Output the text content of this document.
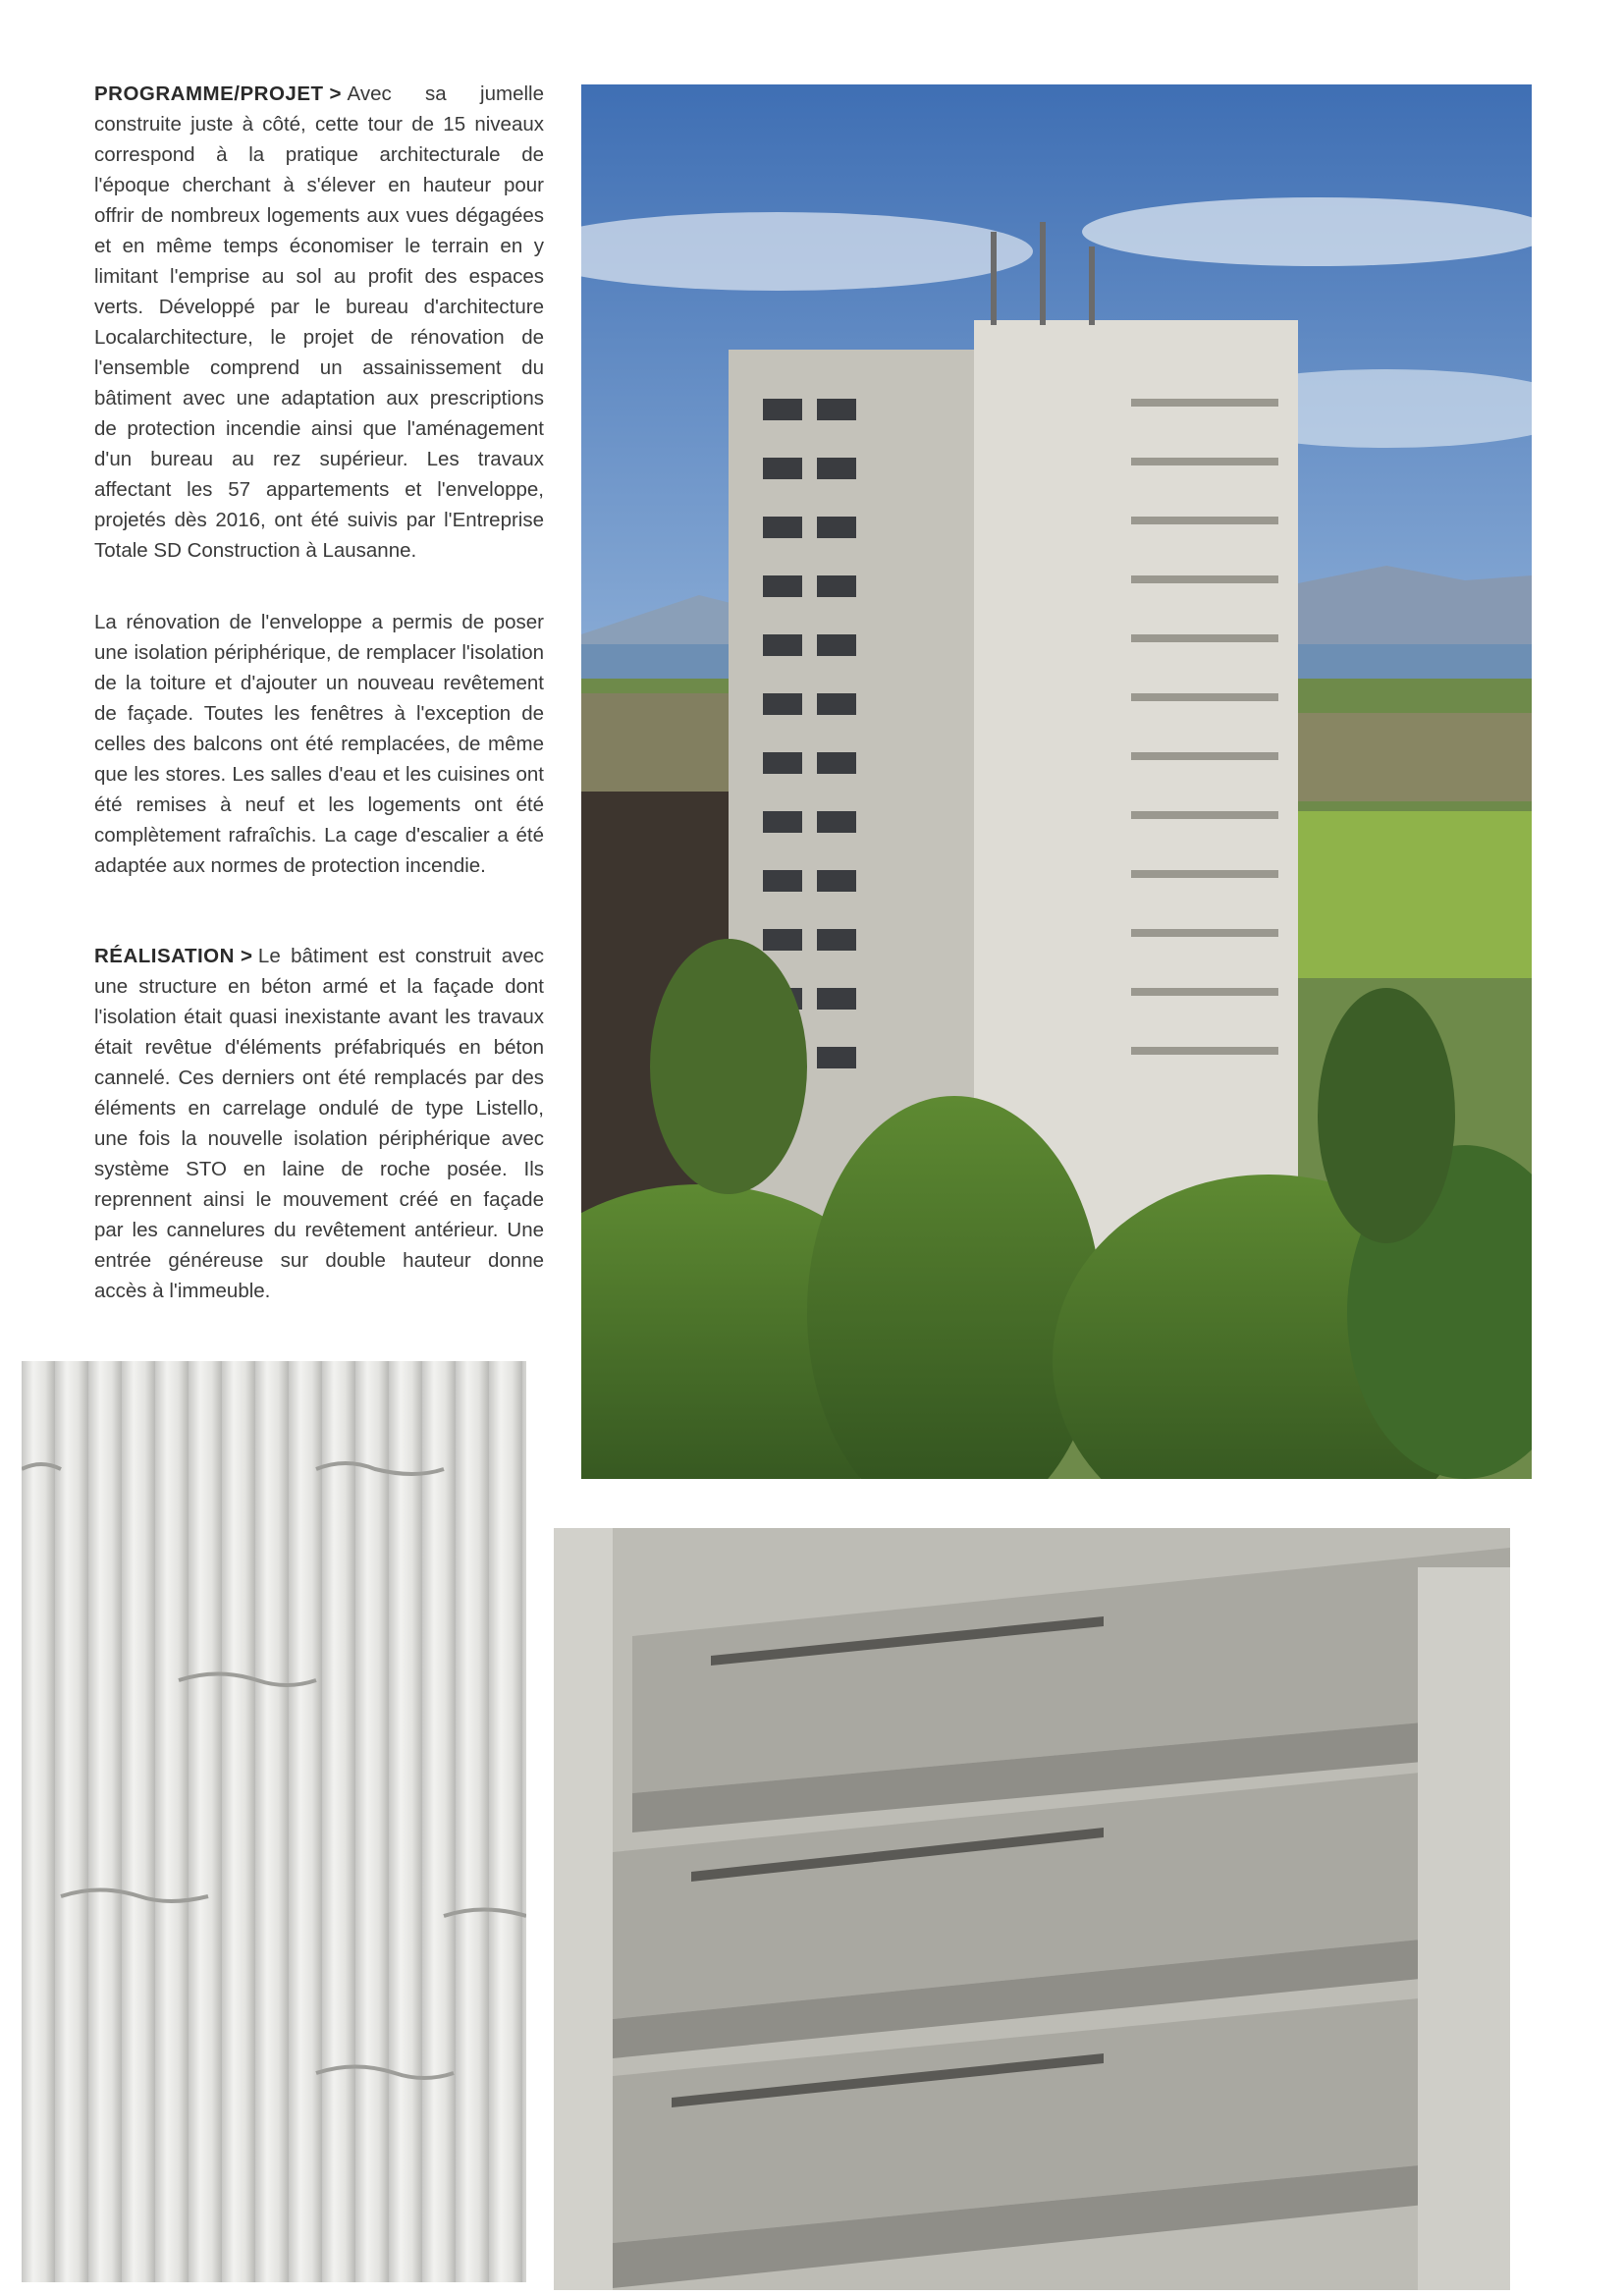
PROGRAMME/PROJET > Avec sa jumelle construite juste à côté, cette tour de 15 niveaux correspond à la pratique architecturale de l'époque cherchant à s'élever en hauteur pour offrir de nombreux logements aux vues dégagées et en même temps économiser le terrain en y limitant l'emprise au sol au profit des espaces verts. Développé par le bureau d'architecture Localarchitecture, le projet de rénovation de l'ensemble comprend un assainissement du bâtiment avec une adaptation aux prescriptions de protection incendie ainsi que l'aménagement d'un bureau au rez supérieur. Les travaux affectant les 57 appartements et l'enveloppe, projetés dès 2016, ont été suivis par l'Entreprise Totale SD Construction à Lausanne.

La rénovation de l'enveloppe a permis de poser une isolation périphérique, de remplacer l'isolation de la toiture et d'ajouter un nouveau revêtement de façade. Toutes les fenêtres à l'exception de celles des balcons ont été remplacées, de même que les stores. Les salles d'eau et les cuisines ont été remises à neuf et les logements ont été complètement rafraîchis. La cage d'escalier a été adaptée aux normes de protection incendie.

RÉALISATION > Le bâtiment est construit avec une structure en béton armé et la façade dont l'isolation était quasi inexistante avant les travaux était revêtue d'éléments préfabriqués en béton cannelé. Ces derniers ont été remplacés par des éléments en carrelage ondulé de type Listello, une fois la nouvelle isolation périphérique avec système STO en laine de roche posée. Ils reprennent ainsi le mouvement créé en façade par les cannelures du revêtement antérieur. Une entrée généreuse sur double hauteur donne accès à l'immeuble.
